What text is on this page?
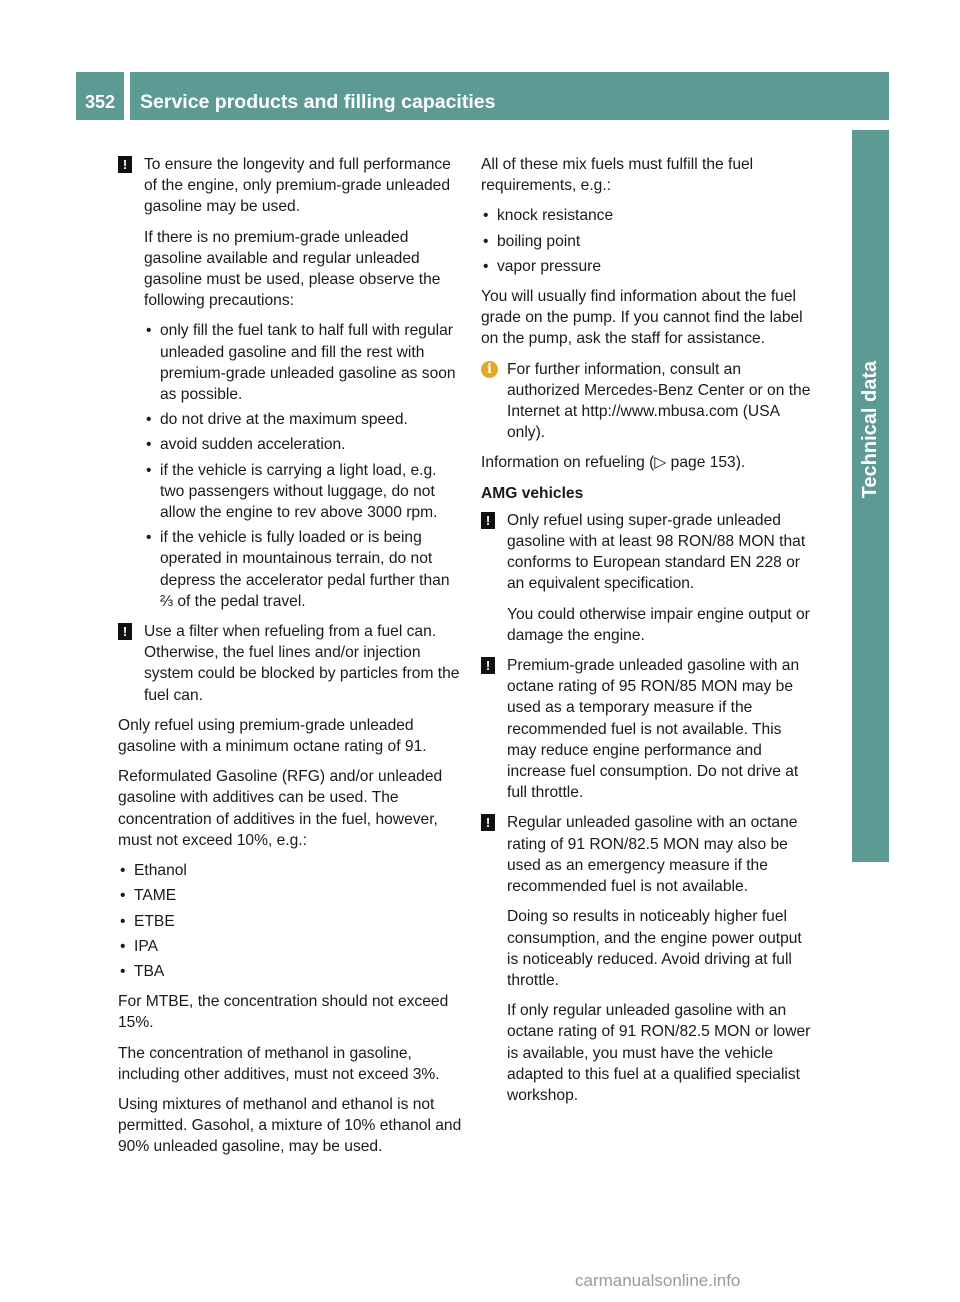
352	Service products and filling capacities
Technical data
!	To ensure the longevity and full performance of the engine, only premium-grade unleaded gasoline may be used.

If there is no premium-grade unleaded gasoline available and regular unleaded gasoline must be used, please observe the following precautions:

• only fill the fuel tank to half full with regular unleaded gasoline and fill the rest with premium-grade unleaded gasoline as soon as possible.
• do not drive at the maximum speed.
• avoid sudden acceleration.
• if the vehicle is carrying a light load, e.g. two passengers without luggage, do not allow the engine to rev above 3000 rpm.
• if the vehicle is fully loaded or is being operated in mountainous terrain, do not depress the accelerator pedal further than ⅔ of the pedal travel.
!	Use a filter when refueling from a fuel can. Otherwise, the fuel lines and/or injection system could be blocked by particles from the fuel can.

Only refuel using premium-grade unleaded gasoline with a minimum octane rating of 91.

Reformulated Gasoline (RFG) and/or unleaded gasoline with additives can be used. The concentration of additives in the fuel, however, must not exceed 10%, e.g.:

• Ethanol
• TAME
• ETBE
• IPA
• TBA

For MTBE, the concentration should not exceed 15%.

The concentration of methanol in gasoline, including other additives, must not exceed 3%.

Using mixtures of methanol and ethanol is not permitted. Gasohol, a mixture of 10% ethanol and 90% unleaded gasoline, may be used.

All of these mix fuels must fulfill the fuel requirements, e.g.:

• knock resistance
• boiling point
• vapor pressure

You will usually find information about the fuel grade on the pump. If you cannot find the label on the pump, ask the staff for assistance.

i For further information, consult an authorized Mercedes-Benz Center or on the Internet at http://www.mbusa.com (USA only).

Information on refueling (▷ page 153).

AMG vehicles

!	Only refuel using super-grade unleaded gasoline with at least 98 RON/88 MON that conforms to European standard EN 228 or an equivalent specification.

You could otherwise impair engine output or damage the engine.

!	Premium-grade unleaded gasoline with an octane rating of 95 RON/85 MON may be used as a temporary measure if the recommended fuel is not available. This may reduce engine performance and increase fuel consumption. Do not drive at full throttle.

!	Regular unleaded gasoline with an octane rating of 91 RON/82.5 MON may also be used as an emergency measure if the recommended fuel is not available.

Doing so results in noticeably higher fuel consumption, and the engine power output is noticeably reduced. Avoid driving at full throttle.

If only regular unleaded gasoline with an octane rating of 91 RON/82.5 MON or lower is available, you must have the vehicle adapted to this fuel at a qualified specialist workshop.

carmanualsonline.info
